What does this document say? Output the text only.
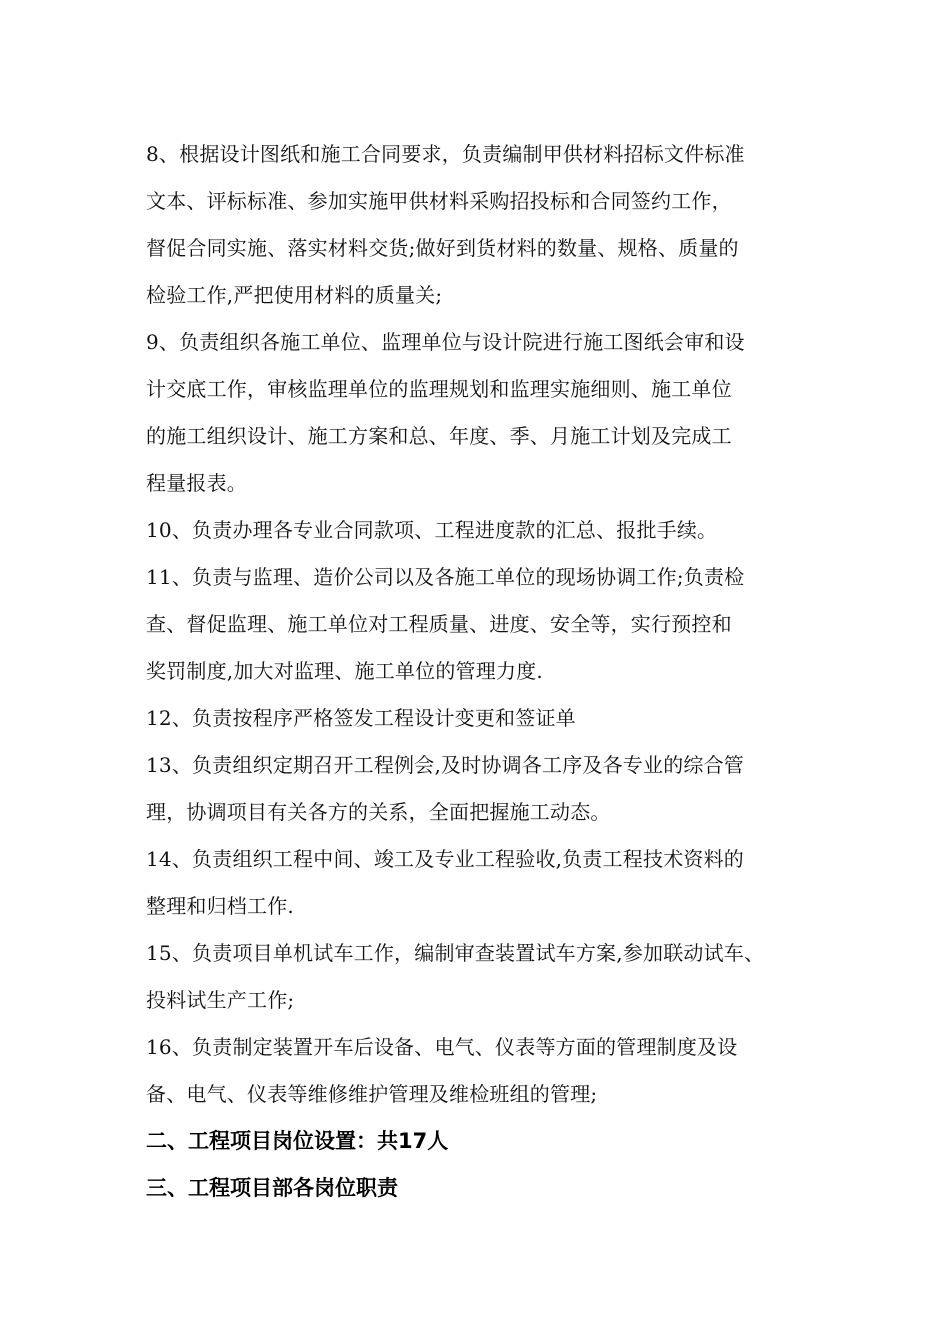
8、根据设计图纸和施工合同要求，负责编制甲供材料招标文件标准
文本、评标标准、参加实施甲供材料采购招投标和合同签约工作，
督促合同实施、落实材料交货;做好到货材料的数量、规格、质量的
检验工作,严把使用材料的质量关;
9、负责组织各施工单位、监理单位与设计院进行施工图纸会审和设
计交底工作，审核监理单位的监理规划和监理实施细则、施工单位
的施工组织设计、施工方案和总、年度、季、月施工计划及完成工
程量报表。
10、负责办理各专业合同款项、工程进度款的汇总、报批手续。
11、负责与监理、造价公司以及各施工单位的现场协调工作;负责检
查、督促监理、施工单位对工程质量、进度、安全等，实行预控和
奖罚制度,加大对监理、施工单位的管理力度.
12、负责按程序严格签发工程设计变更和签证单
13、负责组织定期召开工程例会,及时协调各工序及各专业的综合管
理，协调项目有关各方的关系，全面把握施工动态。
14、负责组织工程中间、竣工及专业工程验收,负责工程技术资料的
整理和归档工作.
15、负责项目单机试车工作，编制审查装置试车方案,参加联动试车、
投料试生产工作;
16、负责制定装置开车后设备、电气、仪表等方面的管理制度及设
备、电气、仪表等维修维护管理及维检班组的管理;
二、工程项目岗位设置：共17人
三、工程项目部各岗位职责
